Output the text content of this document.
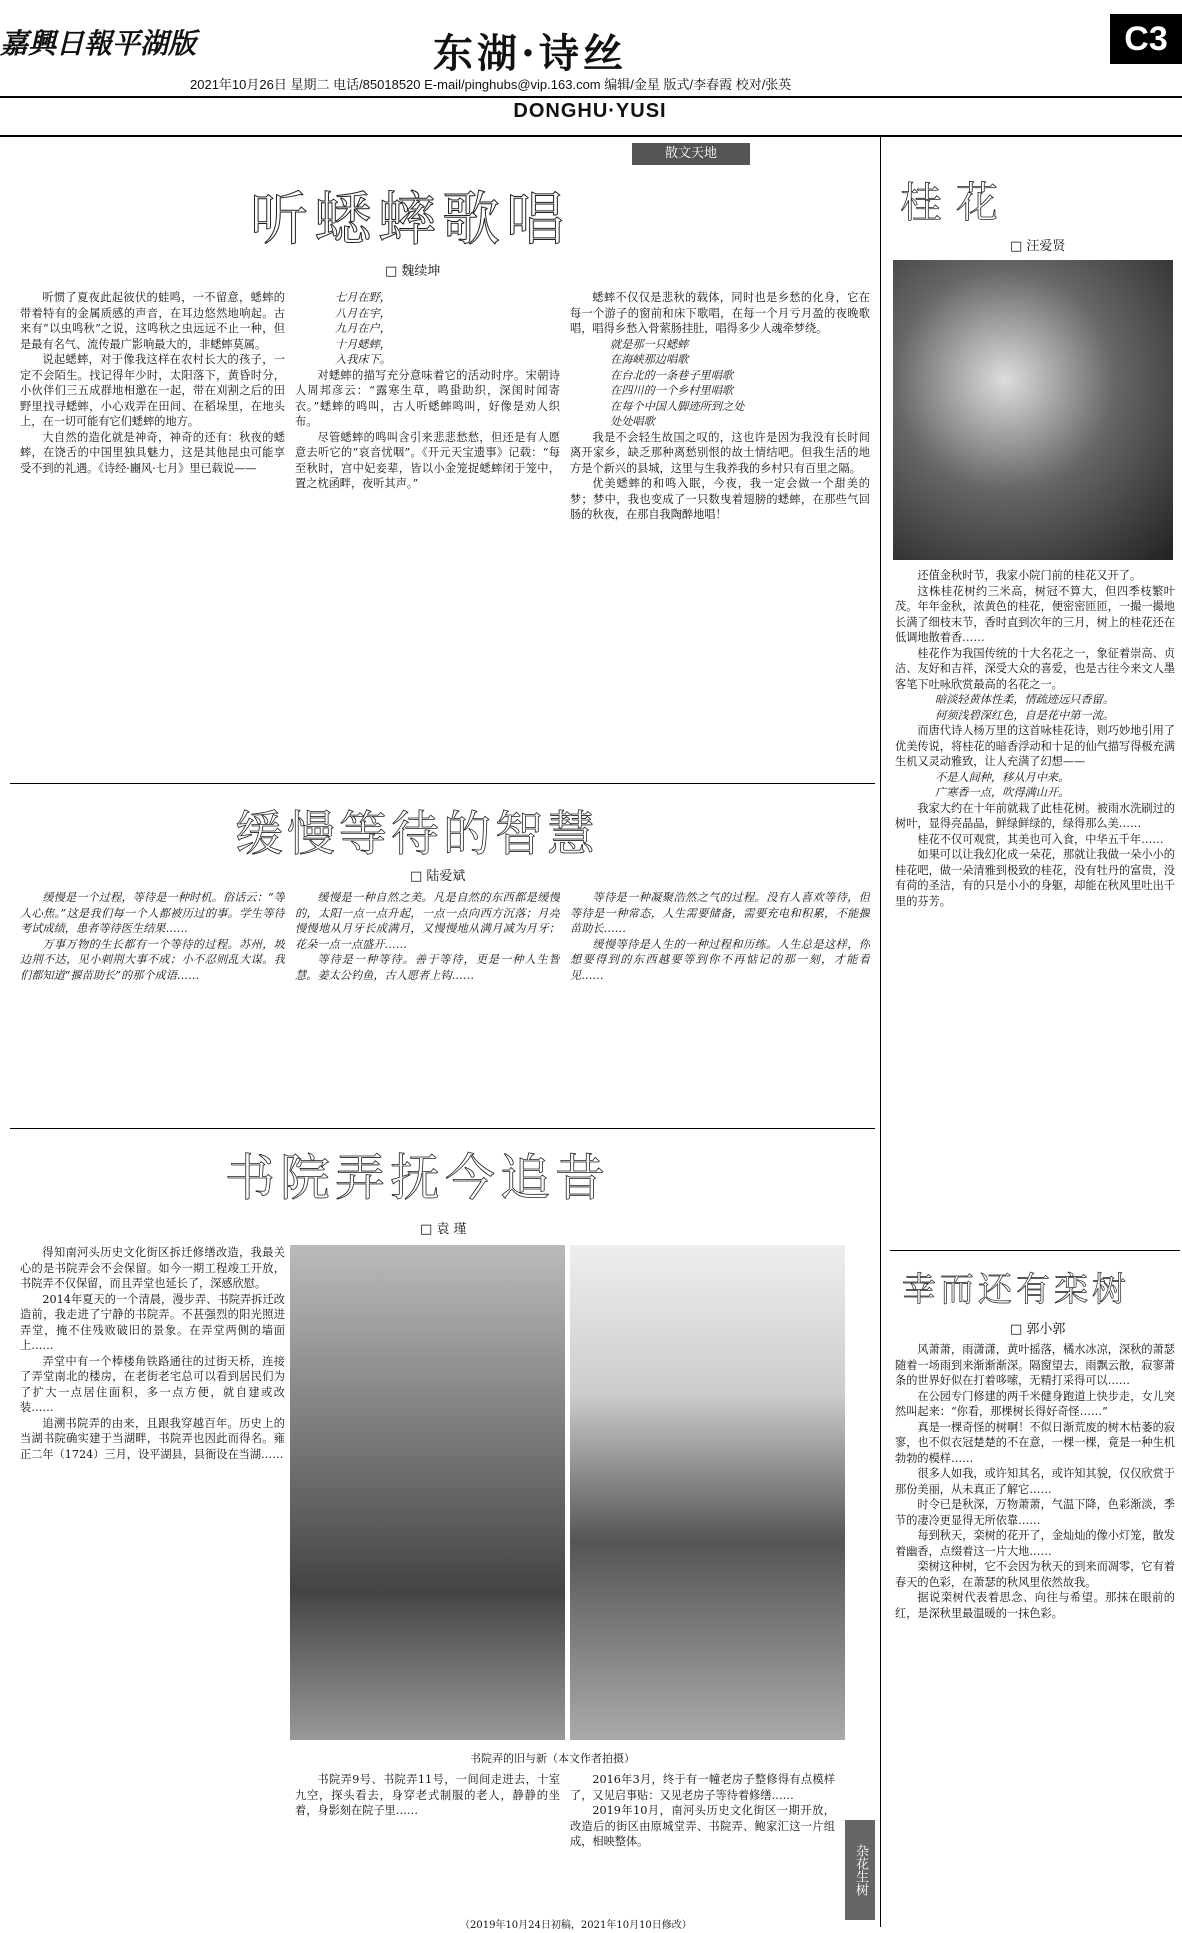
嘉興日報平湖版	东湖·诗丝	C3
2021年10月26日 星期二 电话/85018520 E-mail/pinghubs@vip.163.com 编辑/金星 版式/李春霞 校对/张英
DONGHU·YUSI
散文天地
听蟋蟀歌唱
□ 魏续坤

听惯了夏夜此起彼伏的蛙鸣，一不留意，蟋蟀的带着特有的金属质感的声音，在耳边悠然地响起。古来有“以虫鸣秋”之说，这鸣秋之虫远远不止一种，但是最有名气、流传最广影响最大的，非蟋蟀莫属。

说起蟋蟀，对于像我这样在农村长大的孩子，一定不会陌生。找记得年少时，太阳落下，黄昏时分，小伙伴们三五成群地相邀在一起，带在刈割之后的田野里找寻蟋蟀，小心戏弄在田间、在稻垛里，在地头上，在一切可能有它们蟋蟀的地方。

大自然的造化就是神奇，神奇的还有：秋夜的蟋蟀，在饶舌的中国里独具魅力，这是其他昆虫可能享受不到的礼遇。《诗经·豳风·七月》里已载说——

七月在野，

八月在宇，

九月在户，

十月蟋蟀，

入我床下。

对蟋蟀的描写充分意味着它的活动时序。宋朝诗人周邦彦云：“露寒生草，鸣蛩助织，深闺时闻寄衣。”蟋蟀的鸣叫，古人听蟋蟀鸣叫，好像是劝人织布。

尽管蟋蟀的鸣叫含引来悲悲愁愁，但还是有人愿意去听它的“哀音忧咽”。《开元天宝遗事》记载：“每至秋时，宫中妃妾辈，皆以小金笼捉蟋蟀闭于笼中，置之枕函畔，夜听其声。”

蟋蟀不仅仅是悲秋的载体，同时也是乡愁的化身，它在每一个游子的窗前和床下歌唱，在每一个月亏月盈的夜晚歌唱，唱得乡愁入骨萦肠挂肚，唱得多少人魂牵梦绕。

就是那一只蟋蟀

在海峡那边唱歌

在台北的一条巷子里唱歌

在四川的一个乡村里唱歌

在每个中国人脚迹所到之处

处处唱歌

我是不会轻生故国之叹的，这也许是因为我没有长时间离开家乡，缺乏那种离愁别恨的故土情结吧。但我生活的地方是个新兴的县城，这里与生我养我的乡村只有百里之隔。

优美蟋蟀的和鸣入眠，今夜，我一定会做一个甜美的梦；梦中，我也变成了一只数曳着翅膀的蟋蟀，在那些气回肠的秋夜，在那自我陶醉地唱！

缓慢等待的智慧
□ 陆爱斌

缓慢是一个过程，等待是一种时机。俗话云：“等人心焦。”这是我们每一个人都被历过的事。学生等待考试成绩，患者等待医生结果……

万事万物的生长都有一个等待的过程。苏州，坡边荆不达，见小刺荆大事不成；小不忍则乱大谋。我们都知道“揠苗助长”的那个成语……

缓慢是一种自然之美。凡是自然的东西都是缓慢的，太阳一点一点升起，一点一点向西方沉落；月亮慢慢地从月牙长成满月，又慢慢地从满月减为月牙；花朵一点一点盛开……

等待是一种等待。善于等待，更是一种人生智慧。姜太公钓鱼，古人愿者上钩……

等待是一种凝聚浩然之气的过程。没有人喜欢等待，但等待是一种常态，人生需要储备，需要充电和积累，不能揠苗助长……

缓慢等待是人生的一种过程和历练。人生总是这样，你想要得到的东西越要等到你不再惦记的那一刻，才能看见……

书院弄抚今追昔
□ 袁 瑾

得知南河头历史文化街区拆迁修缮改造，我最关心的是书院弄会不会保留。如今一期工程竣工开放，书院弄不仅保留，而且弄堂也延长了，深感欣慰。

2014年夏天的一个清晨，漫步弄、书院弄拆迁改造前，我走进了宁静的书院弄。不甚强烈的阳光照进弄堂，掩不住残败破旧的景象。在弄堂两侧的墙面上……

弄堂中有一个棒楼角铁路通往的过街天桥，连接了弄堂南北的楼房，在老街老宅总可以看到居民们为了扩大一点居住面积，多一点方便，就自建或改装……

追溯书院弄的由来，且跟我穿越百年。历史上的当湖书院确实建于当湖畔，书院弄也因此而得名。雍正二年（1724）三月，设平湖县，县衙设在当湖……

书院弄的旧与新（本文作者拍摄）

书院弄9号、书院弄11号，一间间走进去，十室九空，探头看去，身穿老式制服的老人，静静的坐着，身影刻在院子里……

2016年3月，终于有一幢老房子整修得有点模样了，又见启事贴：又见老房子等待着修缮……

2019年10月，南河头历史文化街区一期开放，改造后的街区由原城堂弄、书院弄、鲍家汇这一片组成，相映整体。

（2019年10月24日初稿，2021年10月10日修改）
杂花生树
桂花
□ 汪爱贤

还值金秋时节，我家小院门前的桂花又开了。

这株桂花树约三米高，树冠不算大，但四季枝繁叶茂。年年金秋，浓黄色的桂花，便密密匝匝，一撮一撮地长满了细枝末节，香时直到次年的三月，树上的桂花还在低调地散着香……

桂花作为我国传统的十大名花之一，象征着崇高、贞洁、友好和吉祥，深受大众的喜爱，也是古往今来文人墨客笔下吐咏欣赏最高的名花之一。

暗淡轻黄体性柔，情疏迹远只香留。

何须浅碧深红色，自是花中第一流。

而唐代诗人杨万里的这首咏桂花诗，则巧妙地引用了优美传说，将桂花的暗香浮动和十足的仙气描写得极充满生机又灵动雅致，让人充满了幻想——

不是人间种，移从月中来。

广寒香一点，吹得满山开。

我家大约在十年前就栽了此桂花树。被雨水洗刷过的树叶，显得亮晶晶，鲜绿鲜绿的，绿得那么美……

桂花不仅可观赏，其美也可入食，中华五千年……

如果可以让我幻化成一朵花，那就让我做一朵小小的桂花吧，做一朵清雅到极致的桂花，没有牡丹的富贵，没有荷的圣洁，有的只是小小的身躯，却能在秋风里吐出千里的芬芳。

幸而还有栾树
□ 郭小郭

风萧萧，雨潇潇，黄叶摇落，橘水冰凉，深秋的萧瑟随着一场雨到来渐渐渐深。隔窗望去，雨飘云散，寂寥萧条的世界好似在打着哆嗦，无精打采得可以……

在公园专门修建的两千米健身跑道上快步走，女儿突然叫起来：“你看，那棵树长得好奇怪……”

真是一棵奇怪的树啊！不似日渐荒废的树木枯萎的寂寥，也不似衣冠楚楚的不在意，一棵一棵，竟是一种生机勃勃的模样……

很多人如我，或许知其名，或许知其貌，仅仅欣赏于那份美丽，从未真正了解它……

时令已是秋深，万物萧萧，气温下降，色彩渐淡，季节的凄冷更显得无所依靠……

每到秋天，栾树的花开了，金灿灿的像小灯笼，散发着幽香，点缀着这一片大地……

栾树这种树，它不会因为秋天的到来而凋零，它有着春天的色彩，在萧瑟的秋风里依然故我。

据说栾树代表着思念、向往与希望。那抹在眼前的红，是深秋里最温暖的一抹色彩。
